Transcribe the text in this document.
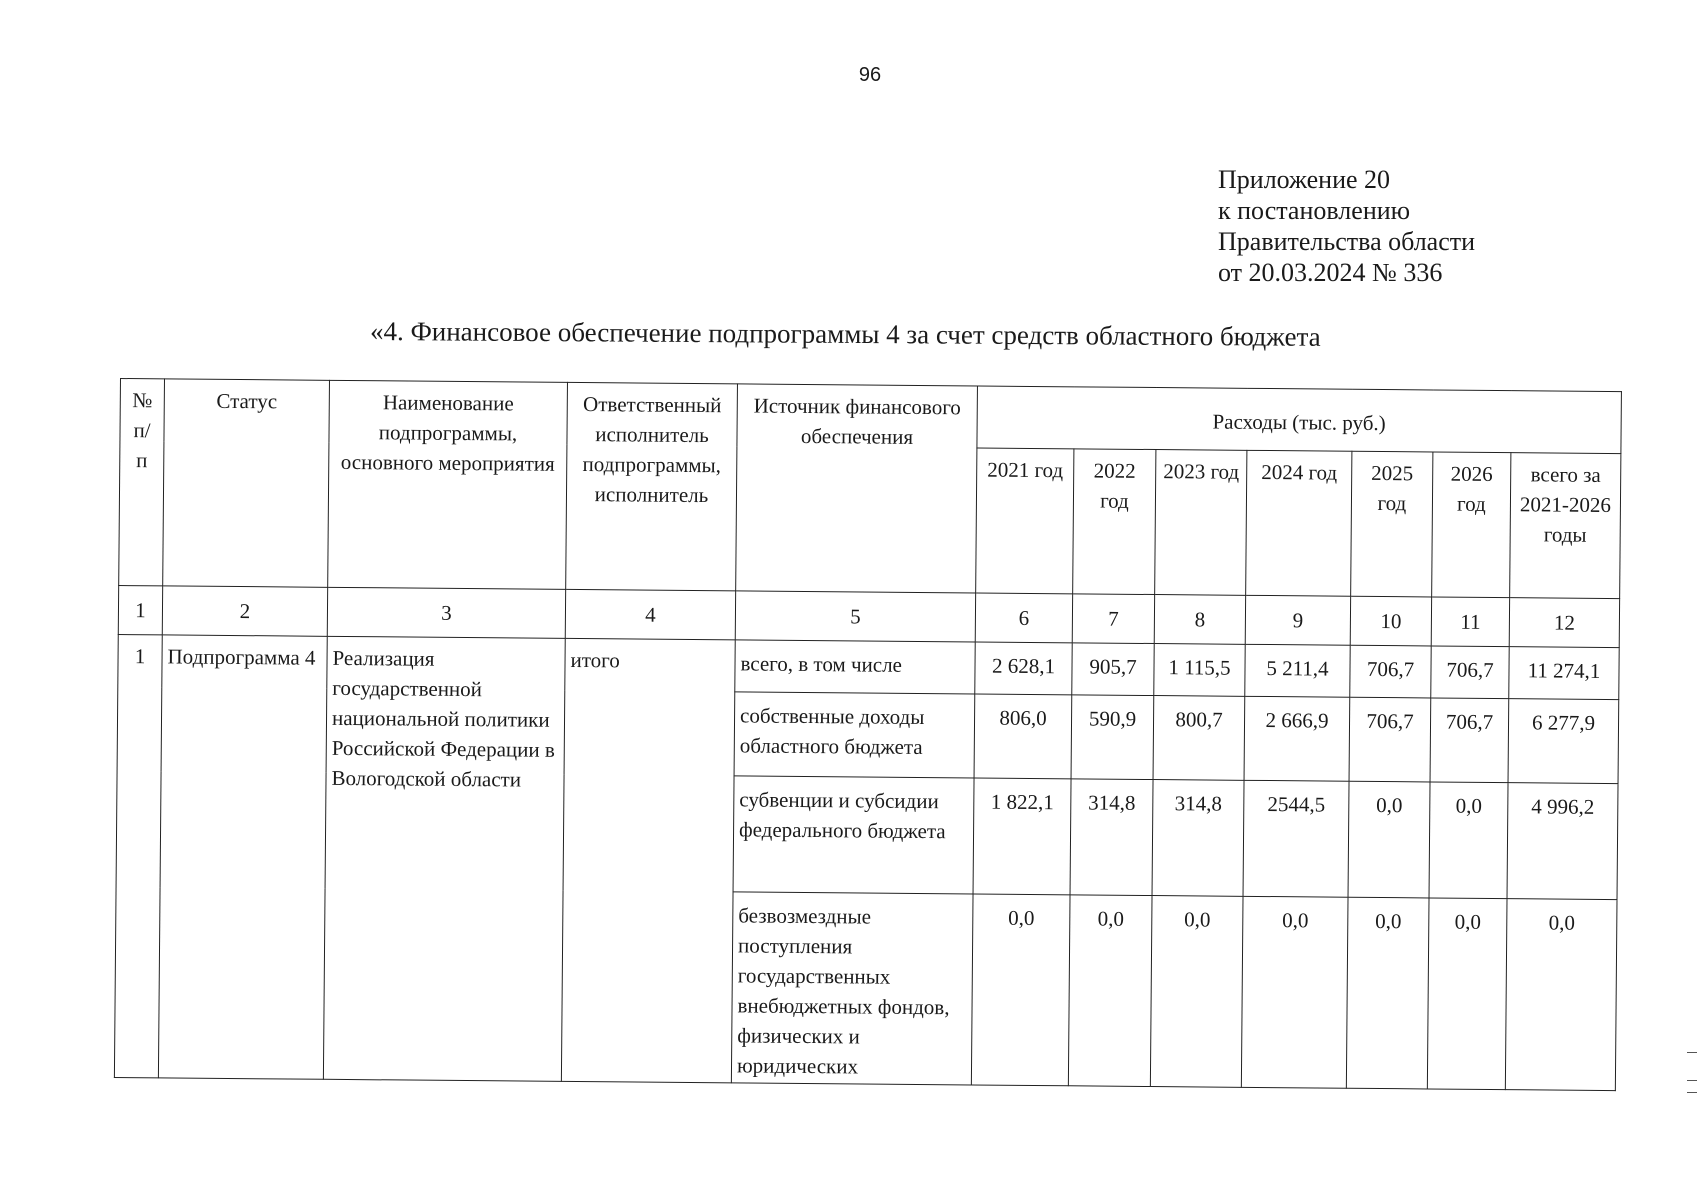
96
Приложение 20
к постановлению
Правительства области
от 20.03.2024 № 336
«4. Финансовое обеспечение подпрограммы 4 за счет средств областного бюджета
№ п/ п	Статус	Наименование подпрограммы, основного мероприятия	Ответственный исполнитель подпрограммы, исполнитель	Источник финансового обеспечения	Расходы (тыс. руб.)						
					2021 год	2022 год	2023 год	2024 год	2025 год	2026 год	всего за 2021-2026 годы
1	2	3	4	5	6	7	8	9	10	11	12
1	Подпрограмма 4	Реализация государственной национальной политики Российской Федерации в Вологодской области	итого	всего, в том числе	2 628,1	905,7	1 115,5	5 211,4	706,7	706,7	11 274,1
				собственные доходы областного бюджета	806,0	590,9	800,7	2 666,9	706,7	706,7	6 277,9
				субвенции и субсидии федерального бюджета	1 822,1	314,8	314,8	2544,5	0,0	0,0	4 996,2
				безвозмездные поступления государственных внебюджетных фондов, физических и юридических	0,0	0,0	0,0	0,0	0,0	0,0	0,0
